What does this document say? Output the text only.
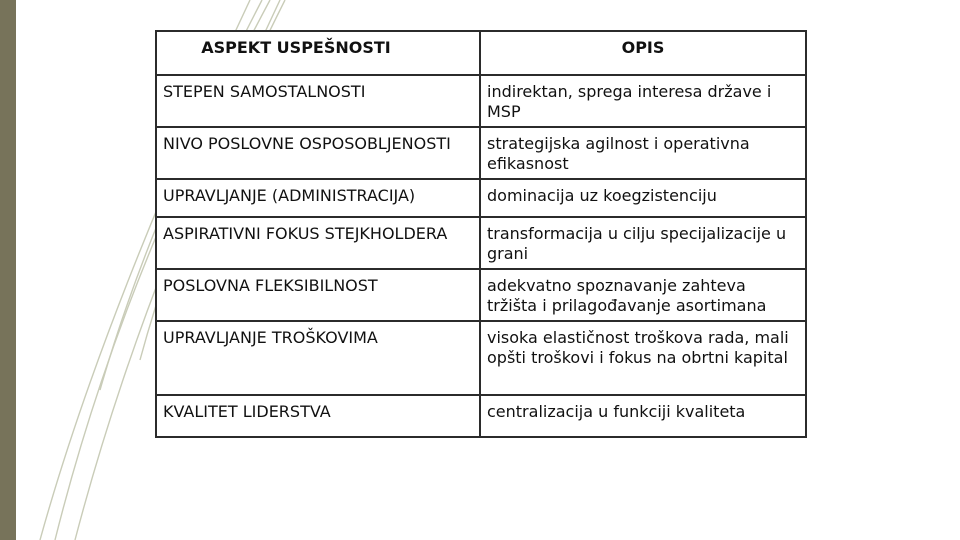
ASPEKT USPEŠNOSTI	OPIS
STEPEN SAMOSTALNOSTI	indirektan, sprega interesa države i MSP
NIVO POSLOVNE OSPOSOBLJENOSTI	strategijska agilnost i operativna efikasnost
UPRAVLJANJE (ADMINISTRACIJA)	dominacija uz koegzistenciju
ASPIRATIVNI FOKUS STEJKHOLDERA	transformacija u cilju specijalizacije u grani
POSLOVNA FLEKSIBILNOST	adekvatno spoznavanje zahteva tržišta i prilagođavanje asortimana
UPRAVLJANJE TROŠKOVIMA	visoka elastičnost troškova rada, mali opšti troškovi i fokus na obrtni kapital
KVALITET LIDERSTVA	centralizacija u funkciji kvaliteta
